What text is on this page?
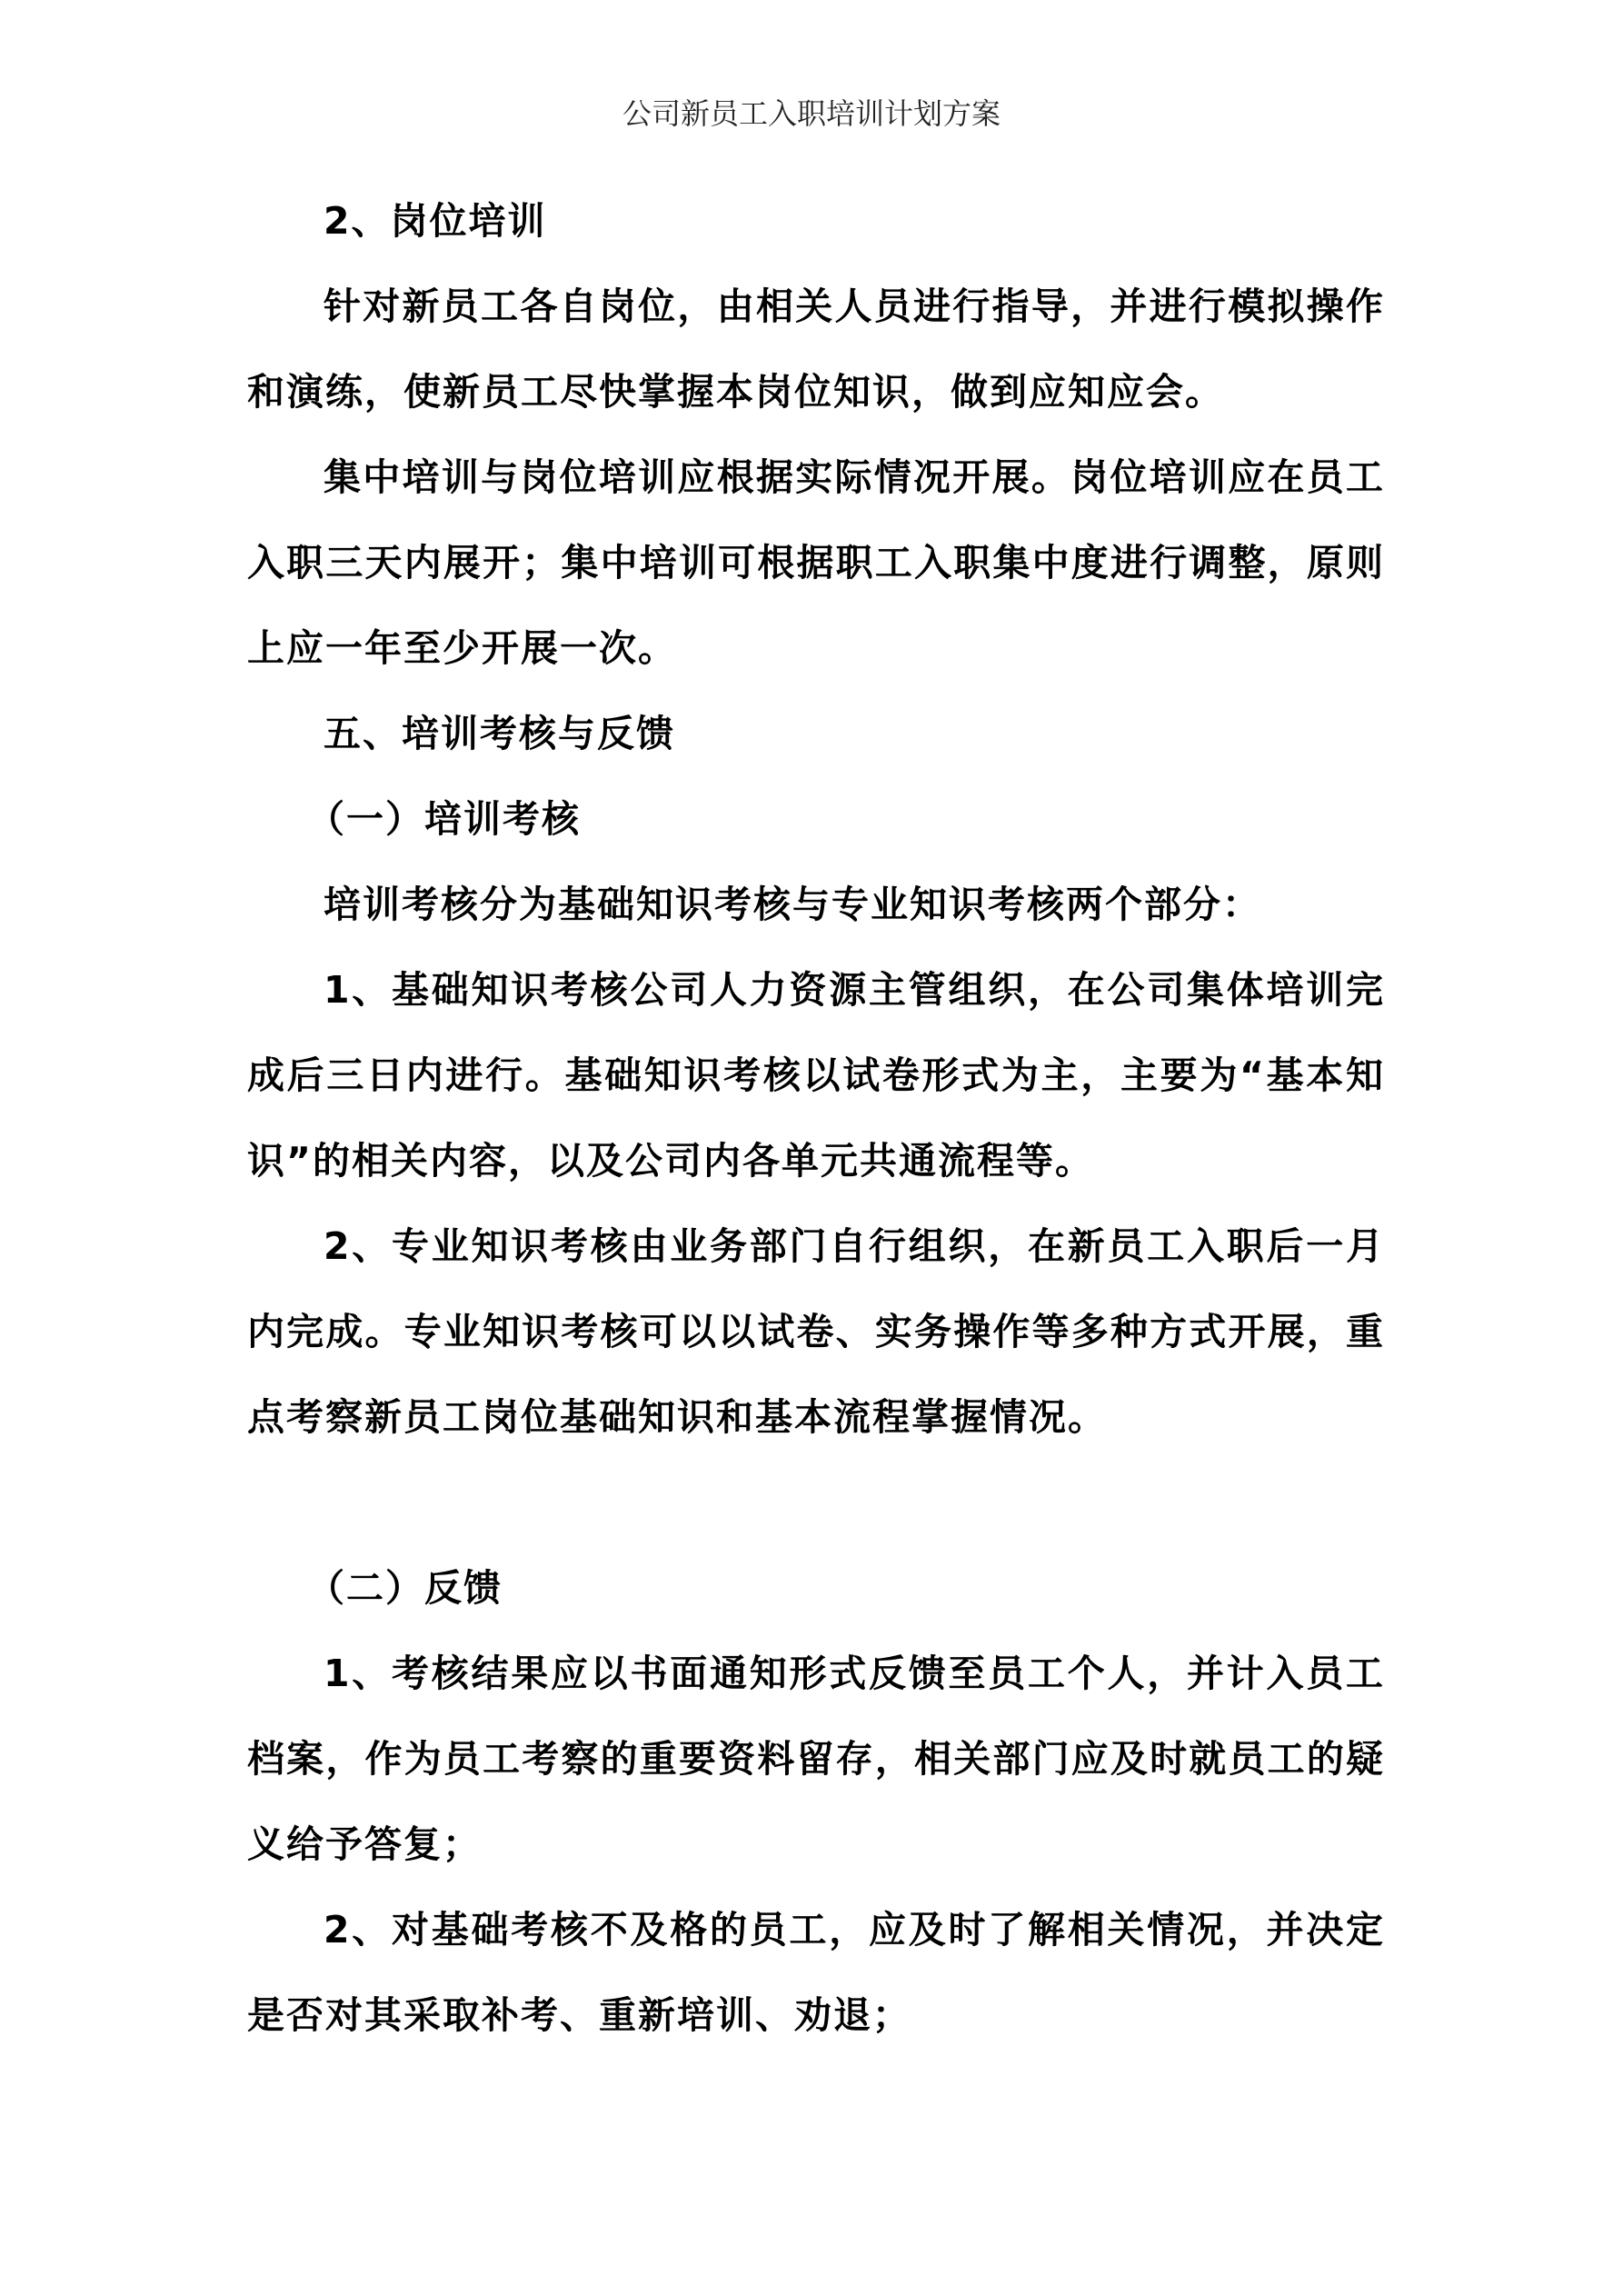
公司新员工入职培训计划方案

2、岗位培训

针对新员工各自岗位，由相关人员进行指导，并进行模拟操作和演练，使新员工尽快掌握本岗位知识，做到应知应会。

集中培训与岗位培训应根据实际情况开展。岗位培训应在员工入职三天内展开；集中培训可根据职工入职集中度进行调整，原则上应一年至少开展一次。

五、培训考核与反馈

（一）培训考核

培训考核分为基础知识考核与专业知识考核两个部分：

1、基础知识考核公司人力资源主管组织，在公司集体培训完成后三日内进行。基础知识考核以试卷形式为主，主要为“基本知识”的相关内容，以及公司内各单元共通流程等。

2、专业知识考核由业务部门自行组织，在新员工入职后一月内完成。专业知识考核可以以试卷、实务操作等多种方式开展，重点考察新员工岗位基础知识和基本流程掌握情况。

（二）反馈

1、考核结果应以书面通知形式反馈至员工个人，并计入员工档案，作为员工考察的重要资料留存，相关部门应及时就员工的疑义给予答复；

2、对基础考核不及格的员工，应及时了解相关情况，并决定是否对其采取补考、重新培训、劝退；
